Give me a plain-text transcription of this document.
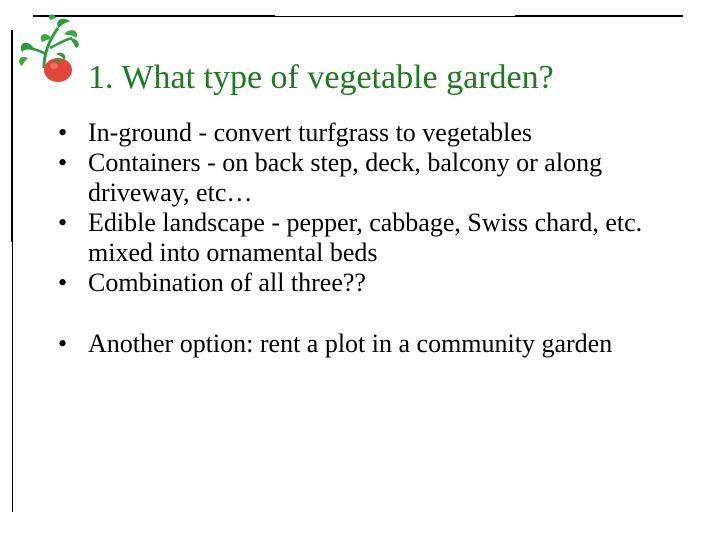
1. What type of vegetable garden?
• In-ground - convert turfgrass to vegetables
• Containers - on back step, deck, balcony or along driveway, etc…
• Edible landscape - pepper, cabbage, Swiss chard, etc. mixed into ornamental beds
• Combination of all three??
• Another option: rent a plot in a community garden
